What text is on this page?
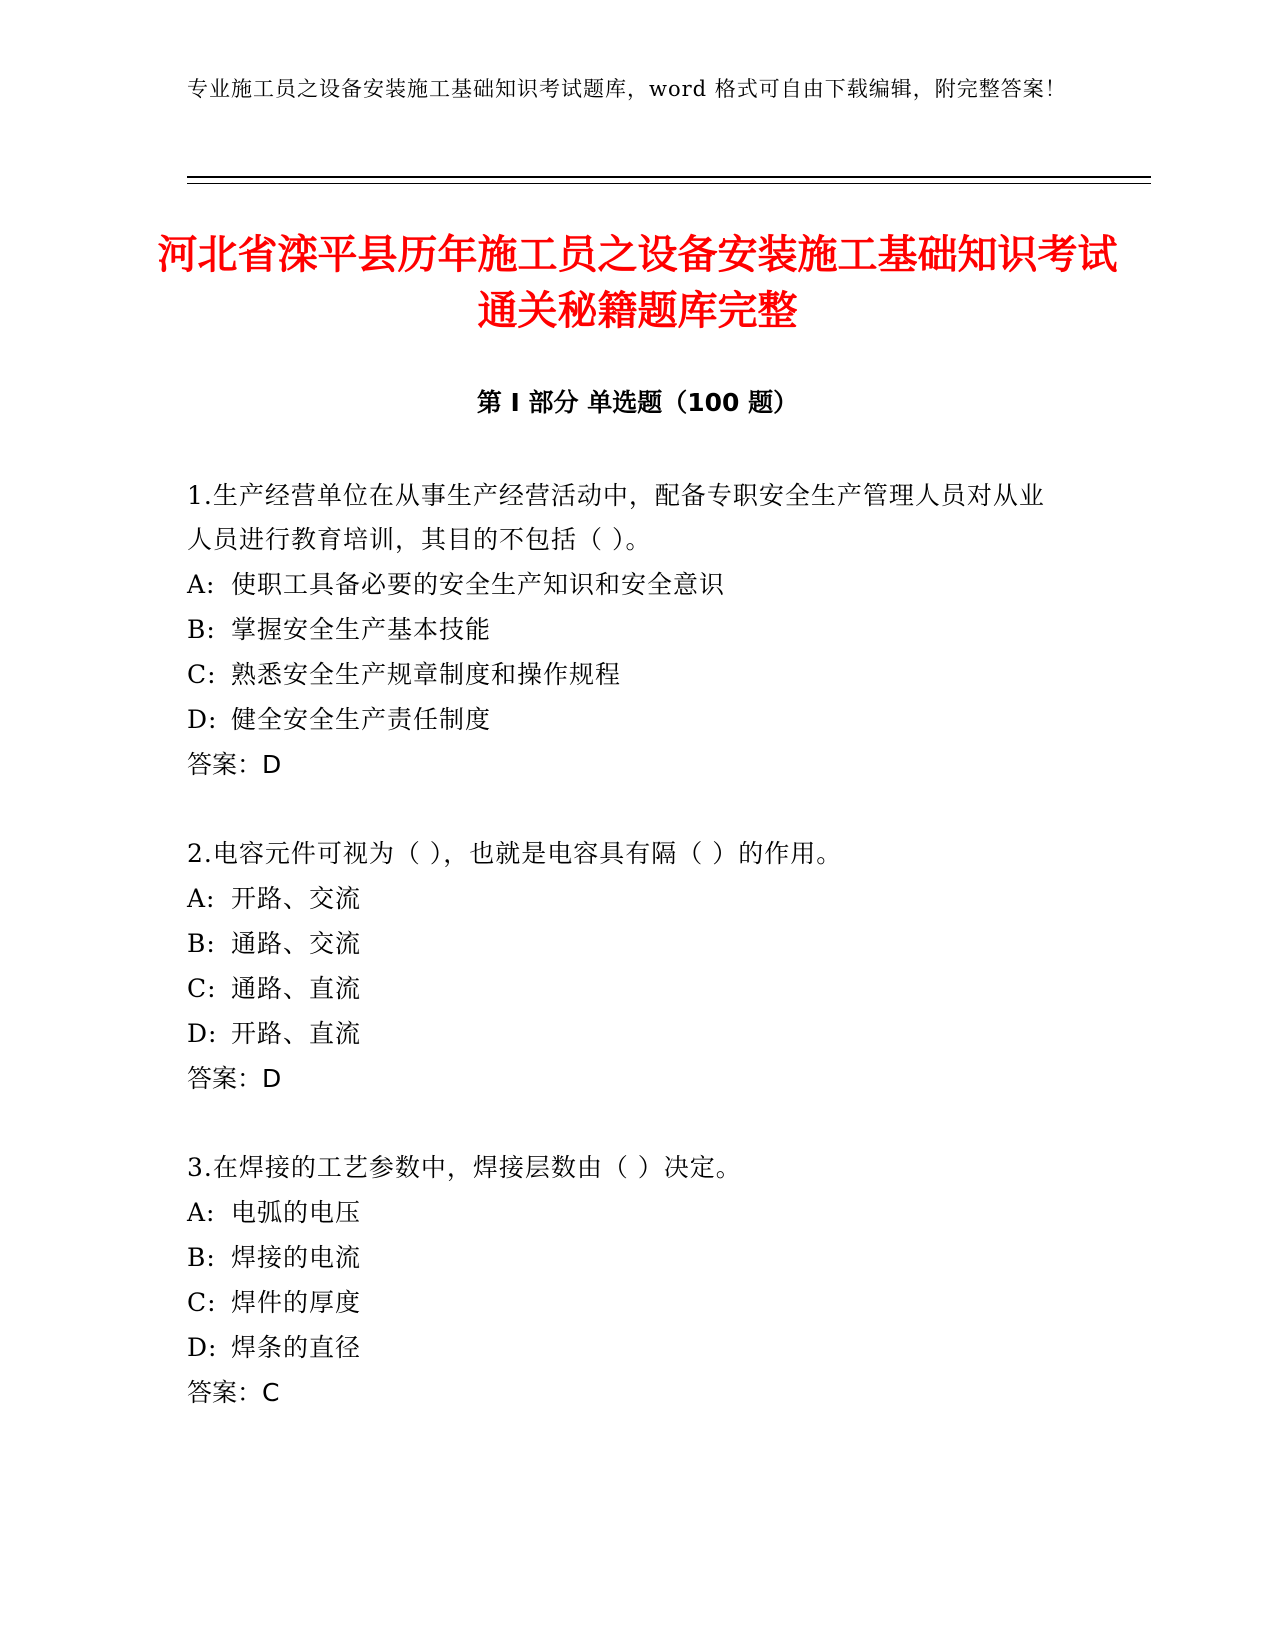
专业施工员之设备安装施工基础知识考试题库，word 格式可自由下载编辑，附完整答案！
河北省滦平县历年施工员之设备安装施工基础知识考试通关秘籍题库完整
第 I 部分 单选题（100 题）

1.生产经营单位在从事生产经营活动中，配备专职安全生产管理人员对从业人员进行教育培训，其目的不包括（ ）。

A: 使职工具备必要的安全生产知识和安全意识

B: 掌握安全生产基本技能

C: 熟悉安全生产规章制度和操作规程

D: 健全安全生产责任制度

答案：D

2.电容元件可视为（ ），也就是电容具有隔（ ）的作用。

A: 开路、交流

B: 通路、交流

C: 通路、直流

D: 开路、直流

答案：D

3.在焊接的工艺参数中，焊接层数由（ ）决定。

A: 电弧的电压

B: 焊接的电流

C: 焊件的厚度

D: 焊条的直径

答案：C
